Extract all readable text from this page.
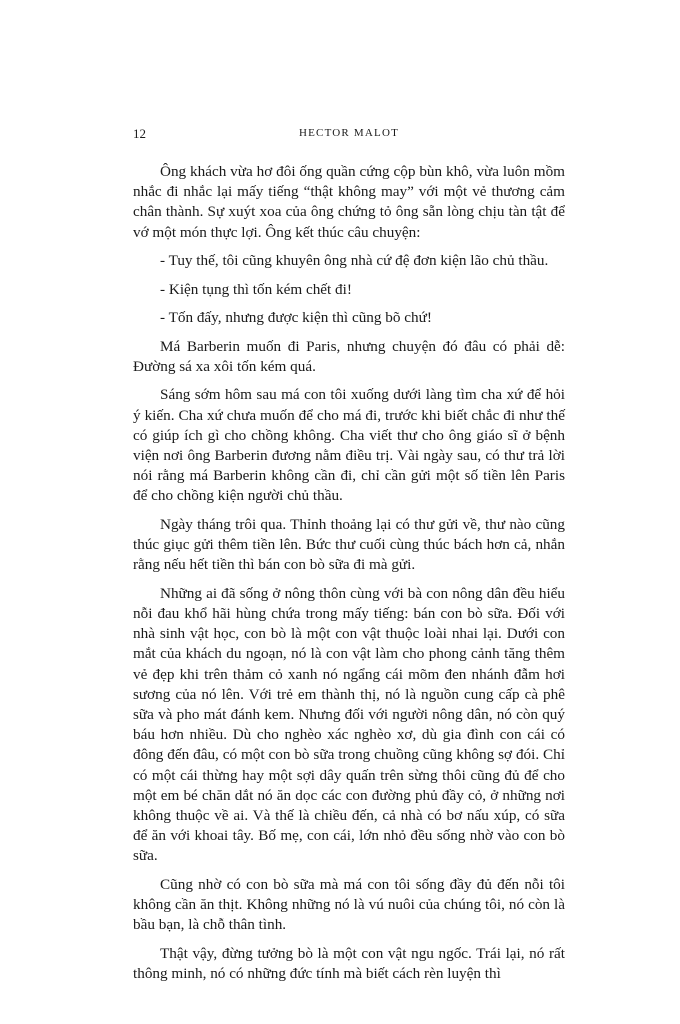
12	HECTOR MALOT

Ông khách vừa hơ đôi ống quần cứng cộp bùn khô, vừa luôn mồm nhắc đi nhắc lại mấy tiếng “thật không may” với một vẻ thương cảm chân thành. Sự xuýt xoa của ông chứng tỏ ông sẵn lòng chịu tàn tật để vớ một món thực lợi. Ông kết thúc câu chuyện:

- Tuy thế, tôi cũng khuyên ông nhà cứ đệ đơn kiện lão chủ thầu.

- Kiện tụng thì tốn kém chết đi!

- Tốn đấy, nhưng được kiện thì cũng bõ chứ!

Má Barberin muốn đi Paris, nhưng chuyện đó đâu có phải dễ: Đường sá xa xôi tốn kém quá.

Sáng sớm hôm sau má con tôi xuống dưới làng tìm cha xứ để hỏi ý kiến. Cha xứ chưa muốn để cho má đi, trước khi biết chắc đi như thế có giúp ích gì cho chồng không. Cha viết thư cho ông giáo sĩ ở bệnh viện nơi ông Barberin đương nằm điều trị. Vài ngày sau, có thư trả lời nói rằng má Barberin không cần đi, chỉ cần gửi một số tiền lên Paris để cho chồng kiện người chủ thầu.

Ngày tháng trôi qua. Thỉnh thoảng lại có thư gửi về, thư nào cũng thúc giục gửi thêm tiền lên. Bức thư cuối cùng thúc bách hơn cả, nhắn rằng nếu hết tiền thì bán con bò sữa đi mà gửi.

Những ai đã sống ở nông thôn cùng với bà con nông dân đều hiểu nỗi đau khổ hãi hùng chứa trong mấy tiếng: bán con bò sữa. Đối với nhà sinh vật học, con bò là một con vật thuộc loài nhai lại. Dưới con mắt của khách du ngoạn, nó là con vật làm cho phong cảnh tăng thêm vẻ đẹp khi trên thảm cỏ xanh nó ngẩng cái mõm đen nhánh đẫm hơi sương của nó lên. Với trẻ em thành thị, nó là nguồn cung cấp cà phê sữa và pho mát đánh kem. Nhưng đối với người nông dân, nó còn quý báu hơn nhiều. Dù cho nghèo xác nghèo xơ, dù gia đình con cái có đông đến đâu, có một con bò sữa trong chuồng cũng không sợ đói. Chỉ có một cái thừng hay một sợi dây quấn trên sừng thôi cũng đủ để cho một em bé chăn dắt nó ăn dọc các con đường phủ đầy cỏ, ở những nơi không thuộc về ai. Và thế là chiều đến, cả nhà có bơ nấu xúp, có sữa để ăn với khoai tây. Bố mẹ, con cái, lớn nhỏ đều sống nhờ vào con bò sữa.

Cũng nhờ có con bò sữa mà má con tôi sống đầy đủ đến nỗi tôi không cần ăn thịt. Không những nó là vú nuôi của chúng tôi, nó còn là bầu bạn, là chỗ thân tình.

Thật vậy, đừng tưởng bò là một con vật ngu ngốc. Trái lại, nó rất thông minh, nó có những đức tính mà biết cách rèn luyện thì
